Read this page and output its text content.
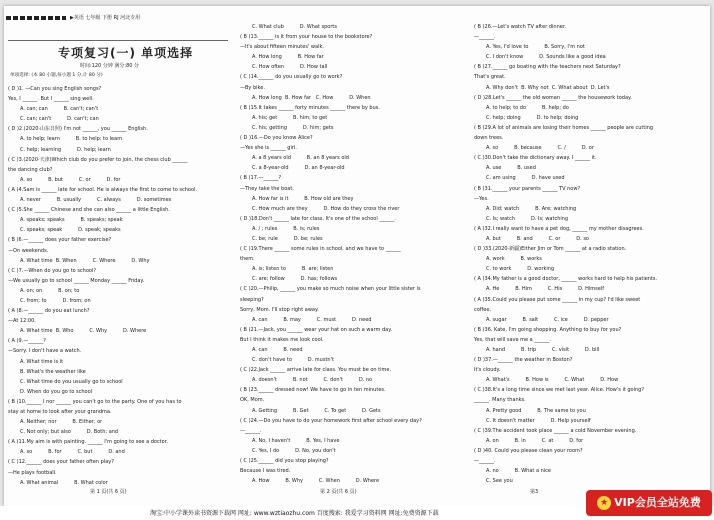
▶英语 七年级 下册 RJ 河北专用
专项复习(一) 单项选择
时间:120 分钟 满分:80 分
单项选择: (本 80 小题,每小题 1 分,计 80 分)
( D )1. —Can you sing English songs?
Yes, I ______. But I ______ sing well.
A. can; can          B. can't; can't
C. can; can't          D. can't; can
( D )2.(2020·山东日照) I'm not ______, you ______ English.
A. to help; learn          B. to help; to learn
C. help; learning          D. help; learn
( C )3.(2020·天津)Which club do you prefer to join, the chess club ______
the dancing club?
A. so          B. but          C. or          D. for
( A )4.Sam is ______ late for school. He is always the first to come to school.
A. never          B. usually          C. always          D. sometimes
( C )5.She ______ Chinese and she can also ______ a little English.
A. speaks; speaks          B. speaks; speak
C. speaks; speak          D. speak; speaks
( B )6.—______ does your father exercise?
—On weekends.
A. What time  B. When          C. Where          D. Why
( C )7.—When do you go to school?
—We usually go to school ______ Monday ______ Friday.
A. on; on          B. on; to
C. from; to          D. from; on
( A )8.—______ do you eat lunch?
—At 12:00.
A. What time  B. Who          C. Why          D. Where
( A )9.—______?
—Sorry. I don't have a watch.
A. What time is it
B. What's the weather like
C. What time do you usually go to school
D. When do you go to school
( B )10.______ I nor ______ you can't go to the party. One of you has to
stay at home to look after your grandma.
A. Neither; nor          B. Either; or
C. Not only; but also          D. Both; and
( A )11.My aim is with painting. ______ I'm going to see a doctor.
A. so          B. for          C. but          D. and
( C )12.______ does your father often play?
—He plays football.
A. What animal          B. What color
C. What club          D. What sports
( B )13.______ is it from your house to the bookstore?
—It's about fifteen minutes' walk.
A. How long          B. How far
C. How often          D. How tall
( C )14.______ do you usually go to work?
—By bike.
A. How long  B. How far   C. How          D. When
( B )15.It takes ______ forty minutes ______ there by bus.
A. his; get          B. him; to get
C. his; getting          D. him; gets
( D )16.—Do you know Alice?
—Yes she is ______ girl.
A. a 8 years old          B. an 8 years old
C. a 8-year-old          D. an 8-year-old
( B )17.—______?
—They take the boat.
A. How far is it          B. How old are they
C. How much are they          D. How do they cross the river
( D )18.Don't ______ late for class. It's one of the school ______.
A. / ; rules          B. is; rules
C. be; rule          D. be; rules
( C )19.There ______ some rules in school, and we have to ______
them.
A. is; listen to          B. are; listen
C. are; follow          D. has; follows
( C )20.—Philip, ______ you make so much noise when your little sister is
sleeping?
Sorry, Mom. I'll stop right away.
A. can          B. may          C. must          D. need
( B )21.—Jack, you ______ wear your hat on such a warm day.
But I think it makes me look cool.
A. can          B. need
C. don't have to          D. mustn't
( C )22.Jack ______ arrive late for class. You must be on time.
A. doesn't          B. not          C. don't          D. no
( B )23.______ dressed now! We have to go in ten minutes.
OK, Mom.
A. Getting          B. Get          C. To get          D. Gets
( C )24.—Do you have to do your homework first after school every day?
—______.
A. No, I haven't          B. Yes, I have
C. Yes, I do          D. No, you don't
( C )25.______ did you stop playing?
Because I was tired.
A. How          B. Why          C. When          D. Where
( B )26.—Let's watch TV after dinner.
—______.
A. Yes, I'd love to          B. Sorry, I'm not
C. I don't know          D. Sounds like a good idea
( B )27.______ go boating with the teachers next Saturday?
That's great.
A. Why don't  B. Why not  C. What about  D. Let's
( D )28.Let's ______ the old woman ______ the housework today.
A. to help; to do          B. help; do
C. help; doing          D. to help; doing
( B )29.A lot of animals are losing their homes ______ people are cutting
down trees.
A. so          B. because          C. /          D. or
( C )30.Don't take the dictionary away. I ______ it.
A. use          B. used
C. am using          D. have used
( B )31.______ your parents ______ TV now?
—Yes.
A. Did; watch          B. Are; watching
C. Is; watch          D. Is; watching
( A )32.I really want to have a pet dog, ______ my mother disagrees.
A. but          B. and          C. or          D. so
( D )33.(2020·新疆)Either Jim or Tom ______ at a radio station.
A. work          B. works
C. to work          D. working
( A )34.My father is a good doctor, ______ works hard to help his patients.
A. He          B. Him          C. His          D. Himself
( A )35.Could you please put some ______ in my cup? I'd like sweet
coffee.
A. sugar          B. salt          C. ice          D. pepper
( B )36. Kate, I'm going shopping. Anything to buy for you?
Yes, that will save me a ______.
A. hand          B. trip          C. visit          D. bill
( D )37.—______ the weather in Boston?
It's cloudy.
A. What's          B. How is          C. What          D. How
( C )38.It's a long time since we met last year. Alice. How's it going?
______. Many thanks.
A. Pretty good          B. The same to you
C. It doesn't matter          D. Help yourself
( C )39.The accident took place ______ a cold November evening.
A. on          B. in          C. at          D. for
( D )40. Could you please clean your room?
—______.
A. no          B. What a nice
C. See you
第 1 页(共 6 页)	第 2 页(共 6 页)	第3
淘宝:中小学课外读书资源下载网 网址: www.wztiaozhu.com 百度搜索: 我爱学习资料网 网址:免费资源下载
★ VIP会员全站免费
